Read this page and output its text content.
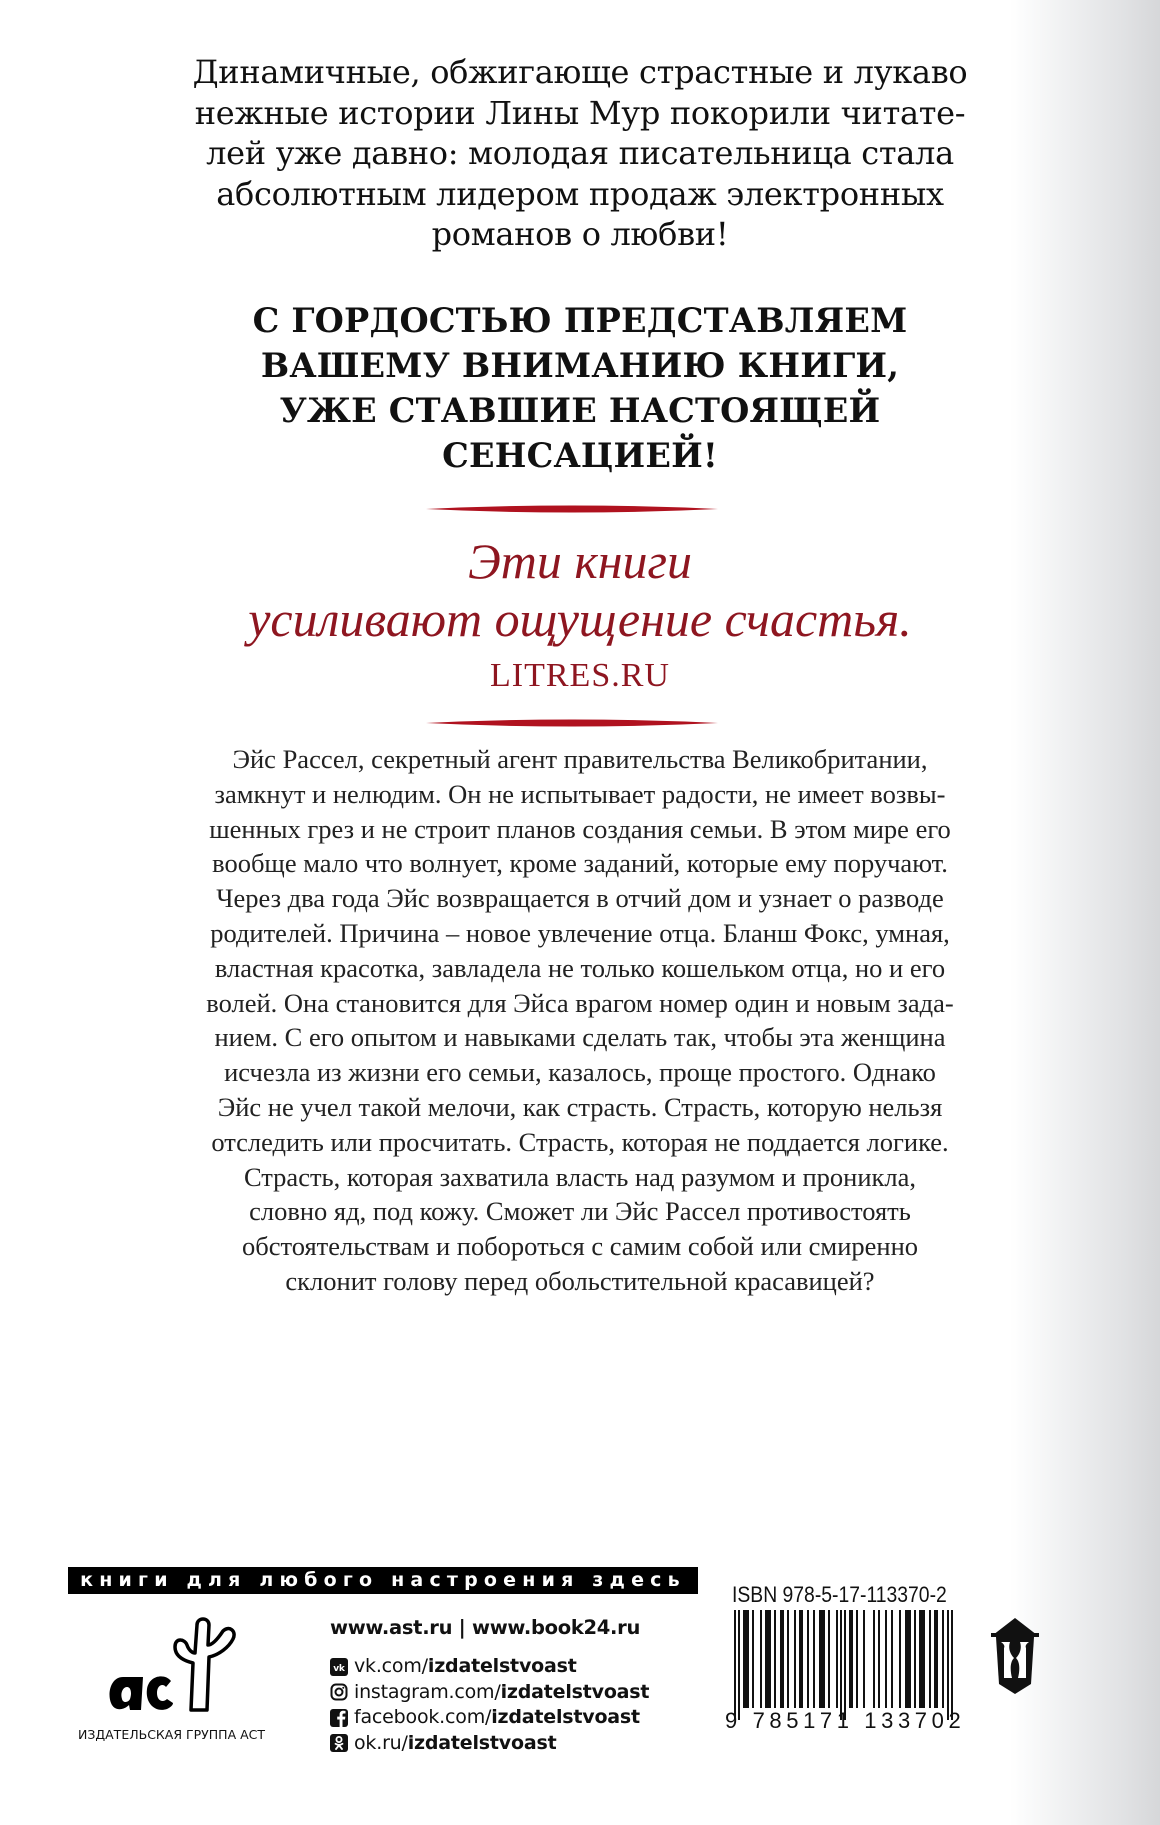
Динамичные, обжигающе страстные и лукаво
нежные истории Лины Мур покорили читате-
лей уже давно: молодая писательница стала
абсолютным лидером продаж электронных
романов о любви!
С ГОРДОСТЬЮ ПРЕДСТАВЛЯЕМ
ВАШЕМУ ВНИМАНИЮ КНИГИ,
УЖЕ СТАВШИЕ НАСТОЯЩЕЙ
СЕНСАЦИЕЙ!
Эти книги
усиливают ощущение счастья.
LITRES.RU
Эйс Рассел, секретный агент правительства Великобритании,
замкнут и нелюдим. Он не испытывает радости, не имеет возвы-
шенных грез и не строит планов создания семьи. В этом мире его
вообще мало что волнует, кроме заданий, которые ему поручают.
Через два года Эйс возвращается в отчий дом и узнает о разводе
родителей. Причина – новое увлечение отца. Бланш Фокс, умная,
властная красотка, завладела не только кошельком отца, но и его
волей. Она становится для Эйса врагом номер один и новым зада-
нием. С его опытом и навыками сделать так, чтобы эта женщина
исчезла из жизни его семьи, казалось, проще простого. Однако
Эйс не учел такой мелочи, как страсть. Страсть, которую нельзя
отследить или просчитать. Страсть, которая не поддается логике.
Страсть, которая захватила власть над разумом и проникла,
словно яд, под кожу. Сможет ли Эйс Рассел противостоять
обстоятельствам и побороться с самим собой или смиренно
склонит голову перед обольстительной красавицей?
книги для любого настроения здесь
ИЗДАТЕЛЬСКАЯ ГРУППА АСТ
www.ast.ru | www.book24.ru
vk vk.com/ izdatelstvoast
instagram.com/ izdatelstvoast
facebook.com/ izdatelstvoast
ok.ru/ izdatelstvoast
ISBN 978-5-17-113370-2
9 785171 133702
